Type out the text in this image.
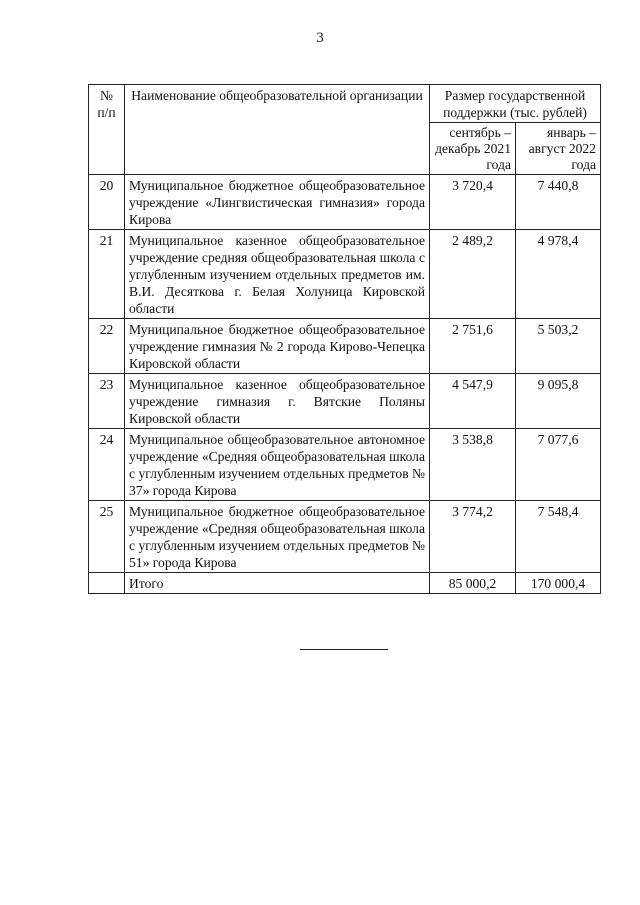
3
№ п/п	Наименование общеобразовательной организации	Размер государственной поддержки (тыс. рублей)	
		сентябрь – декабрь 2021 года	январь – август 2022 года
20	Муниципальное бюджетное общеобразовательное учреждение «Лингвистическая гимназия» города Кирова	3 720,4	7 440,8
21	Муниципальное казенное общеобразовательное учреждение средняя общеобразовательная школа с углубленным изучением отдельных предметов им. В.И. Десяткова г. Белая Холуница Кировской области	2 489,2	4 978,4
22	Муниципальное бюджетное общеобразовательное учреждение гимназия № 2 города Кирово-Чепецка Кировской области	2 751,6	5 503,2
23	Муниципальное казенное общеобразовательное учреждение гимназия г. Вятские Поляны Кировской области	4 547,9	9 095,8
24	Муниципальное общеобразовательное автономное учреждение «Средняя общеобразовательная школа с углубленным изучением отдельных предметов № 37» города Кирова	3 538,8	7 077,6
25	Муниципальное бюджетное общеобразовательное учреждение «Средняя общеобразовательная школа с углубленным изучением отдельных предметов № 51» города Кирова	3 774,2	7 548,4
	Итого	85 000,2	170 000,4
